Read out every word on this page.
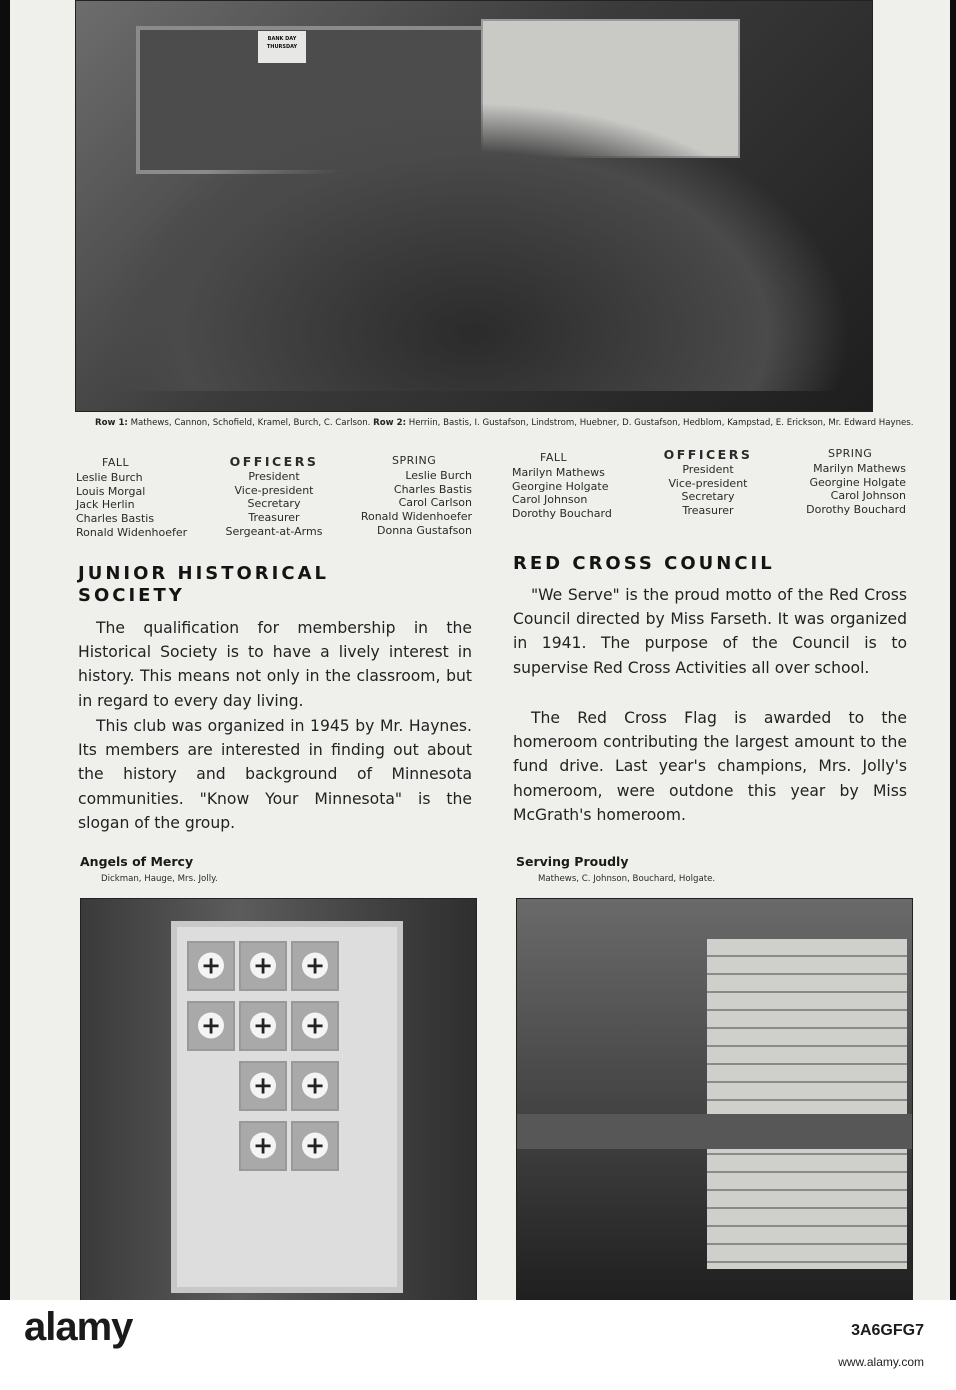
BANK DAY THURSDAY
Row 1: Mathews, Cannon, Schofield, Kramel, Burch, C. Carlson. Row 2: Herriin, Bastis, I. Gustafson, Lindstrom, Huebner, D. Gustafson, Hedblom, Kampstad, E. Erickson, Mr. Edward Haynes.
FALL
Leslie Burch
Louis Morgal
Jack Herlin
Charles Bastis
Ronald Widenhoefer
OFFICERS
President
Vice-president
Secretary
Treasurer
Sergeant-at-Arms
SPRING
Leslie Burch
Charles Bastis
Carol Carlson
Ronald Widenhoefer
Donna Gustafson
FALL
Marilyn Mathews
Georgine Holgate
Carol Johnson
Dorothy Bouchard
OFFICERS
President
Vice-president
Secretary
Treasurer
SPRING
Marilyn Mathews
Georgine Holgate
Carol Johnson
Dorothy Bouchard
JUNIOR HISTORICAL
SOCIETY

The qualification for membership in the Historical Society is to have a lively interest in history. This means not only in the classroom, but in regard to every day living.

This club was organized in 1945 by Mr. Haynes. Its members are interested in finding out about the history and background of Minnesota communities. "Know Your Minnesota" is the slogan of the group.

RED CROSS COUNCIL

"We Serve" is the proud motto of the Red Cross Council directed by Miss Farseth. It was organized in 1941. The purpose of the Council is to supervise Red Cross Activities all over school.

The Red Cross Flag is awarded to the homeroom contributing the largest amount to the fund drive. Last year's champions, Mrs. Jolly's homeroom, were outdone this year by Miss McGrath's homeroom.

Angels of Mercy
Dickman, Hauge, Mrs. Jolly.
Serving Proudly
Mathews, C. Johnson, Bouchard, Holgate.
+
+
+
+
+
+
+
+
+
+
alamy	3A6GFG7
www.alamy.com
